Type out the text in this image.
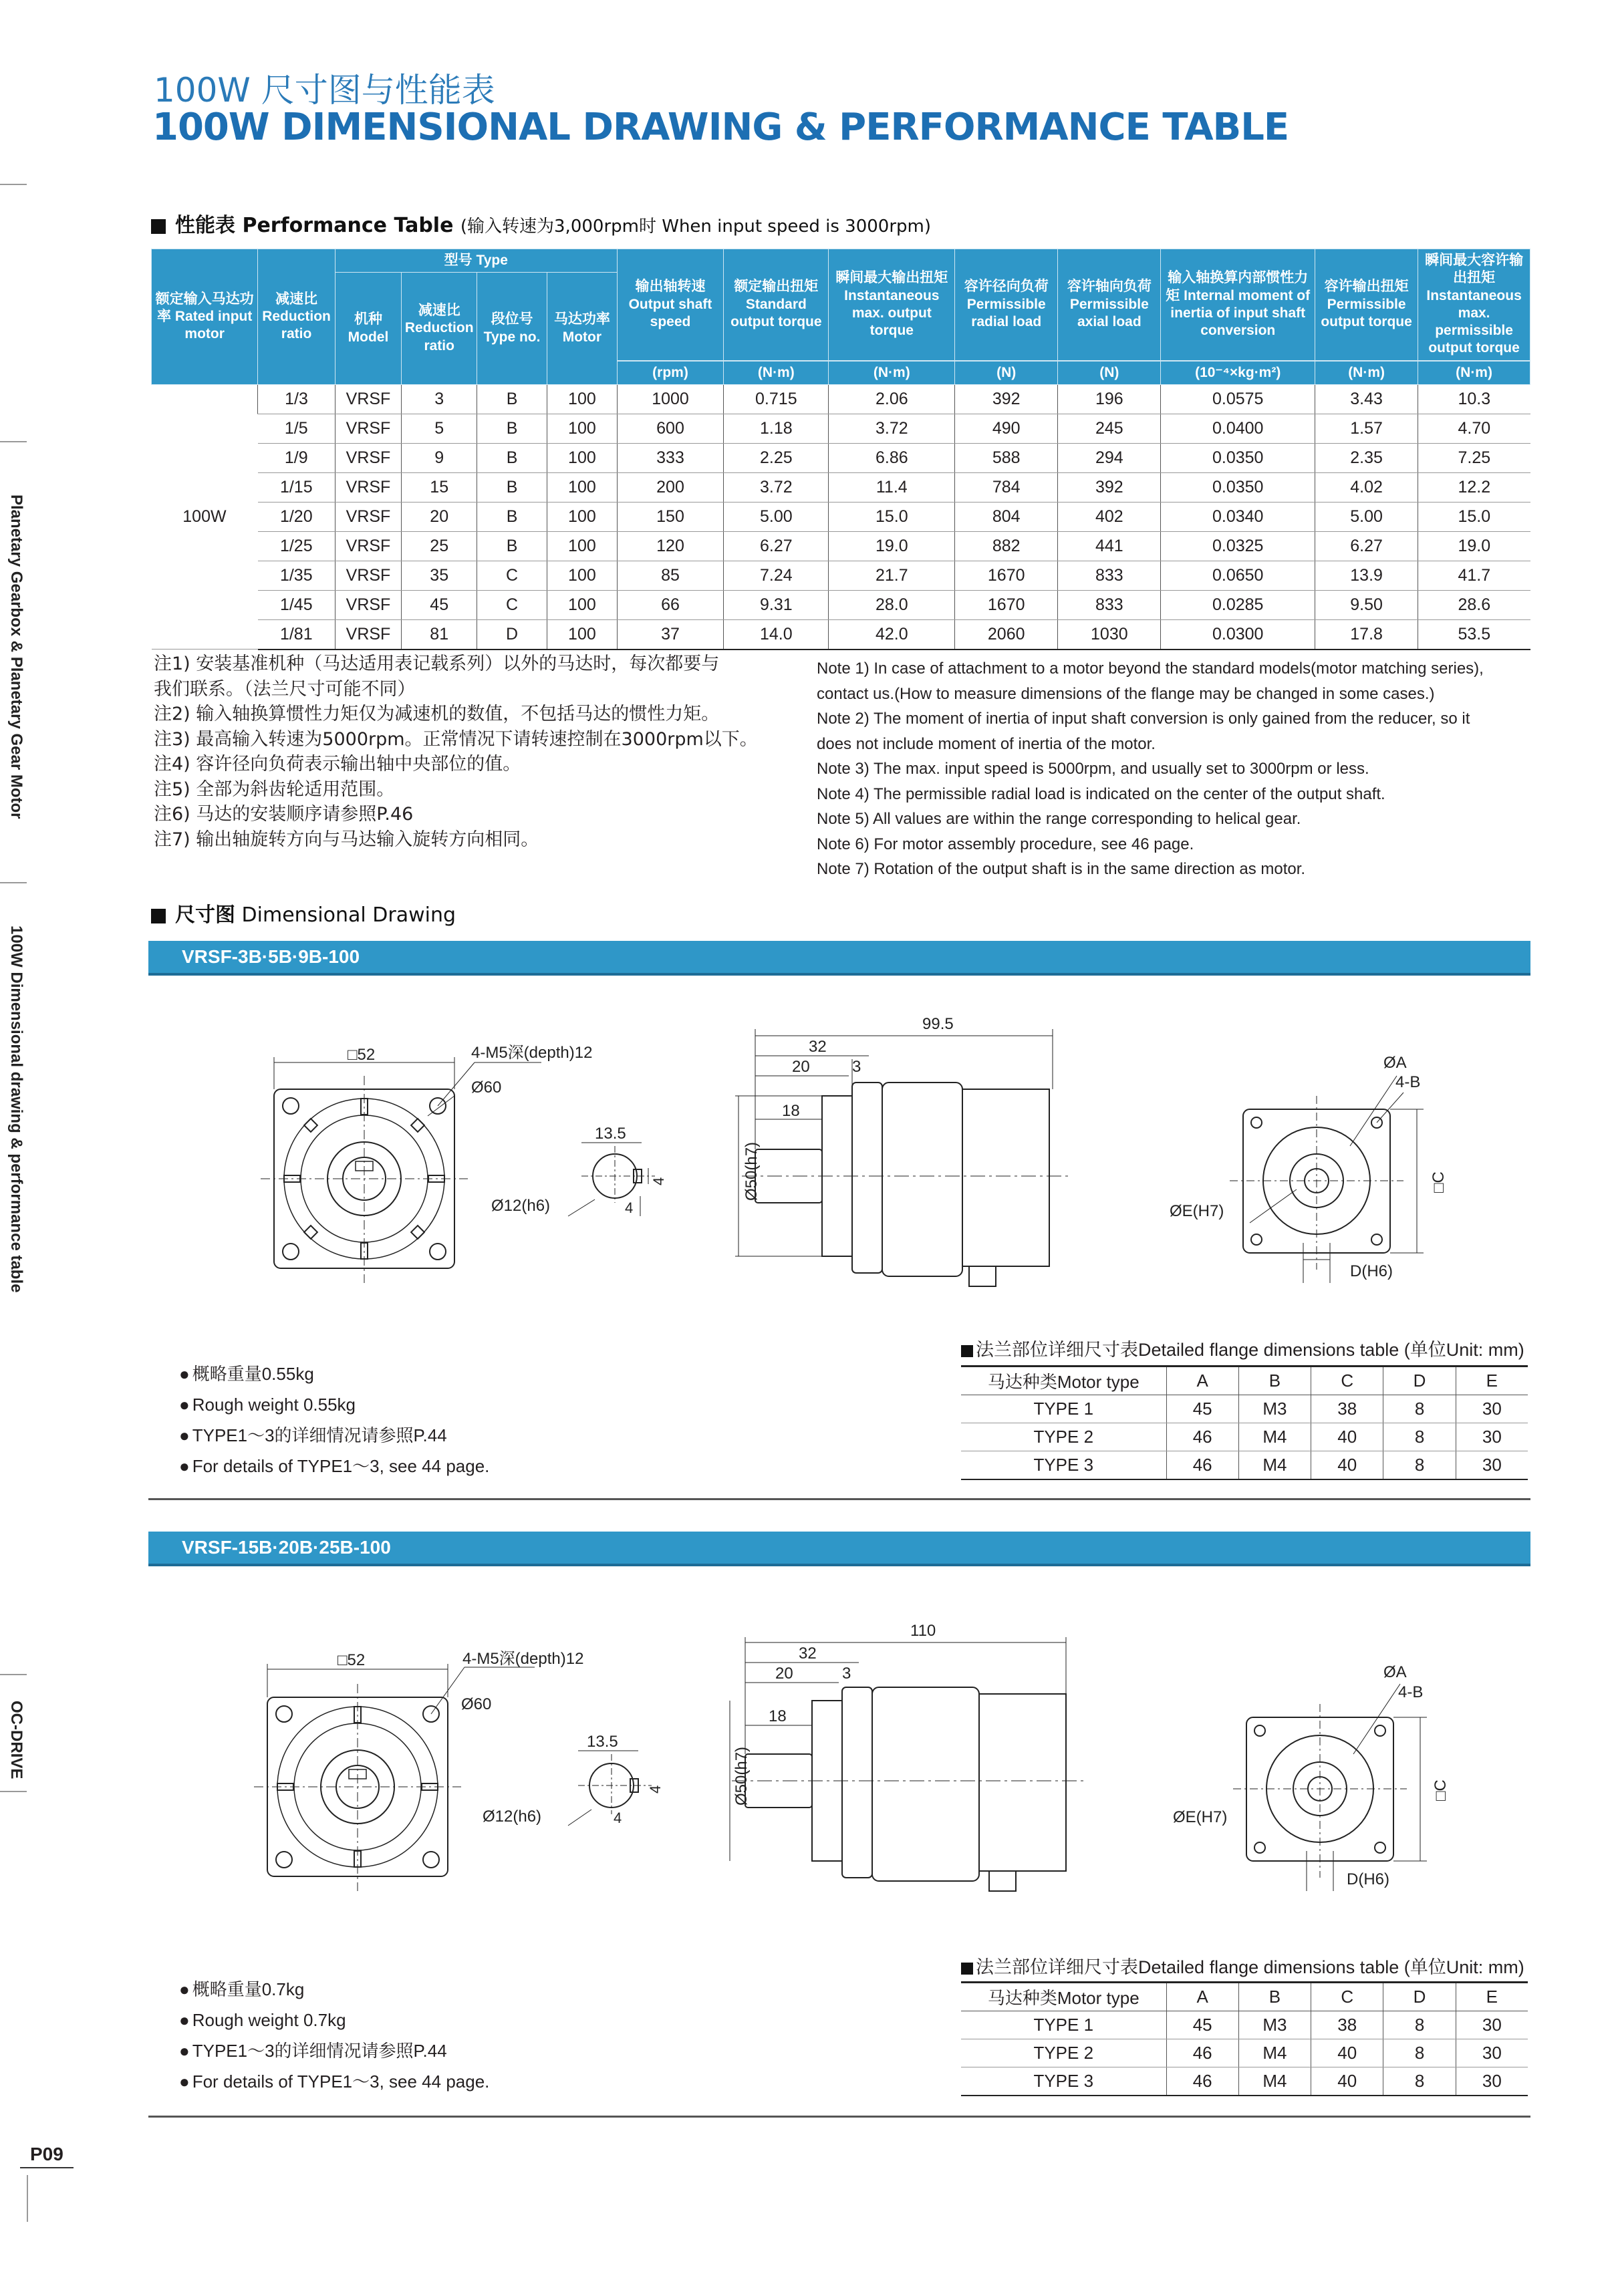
Planetary Gearbox & Planetary Gear Motor
100W Dimensional drawing & performance table
OC-DRIVE
100W 尺寸图与性能表
100W DIMENSIONAL DRAWING & PERFORMANCE TABLE
性能表 Performance Table (输入转速为3,000rpm时 When input speed is 3000rpm)
额定输入马达功率 Rated input motor	减速比 Reduction ratio	型号 Type				输出轴转速 Output shaft speed	额定输出扭矩 Standard output torque	瞬间最大输出扭矩 Instantaneous max. output torque	容许径向负荷 Permissible radial load	容许轴向负荷 Permissible axial load	输入轴换算内部惯性力矩 Internal moment of inertia of input shaft conversion	容许输出扭矩 Permissible output torque	瞬间最大容许输出扭矩 Instantaneous max. permissible output torque
		机种 Model	减速比 Reduction ratio	段位号 Type no.	马达功率 Motor								
						(rpm)	(N·m)	(N·m)	(N)	(N)	(10⁻⁴×kg·m²)	(N·m)	(N·m)
100W	1/3	VRSF	3	B	100	1000	0.715	2.06	392	196	0.0575	3.43	10.3
	1/5	VRSF	5	B	100	600	1.18	3.72	490	245	0.0400	1.57	4.70
	1/9	VRSF	9	B	100	333	2.25	6.86	588	294	0.0350	2.35	7.25
	1/15	VRSF	15	B	100	200	3.72	11.4	784	392	0.0350	4.02	12.2
	1/20	VRSF	20	B	100	150	5.00	15.0	804	402	0.0340	5.00	15.0
	1/25	VRSF	25	B	100	120	6.27	19.0	882	441	0.0325	6.27	19.0
	1/35	VRSF	35	C	100	85	7.24	21.7	1670	833	0.0650	13.9	41.7
	1/45	VRSF	45	C	100	66	9.31	28.0	1670	833	0.0285	9.50	28.6
	1/81	VRSF	81	D	100	37	14.0	42.0	2060	1030	0.0300	17.8	53.5
注1) 安装基准机种（马达适用表记载系列）以外的马达时，每次都要与
我们联系。（法兰尺寸可能不同）
注2) 输入轴换算惯性力矩仅为减速机的数值，不包括马达的惯性力矩。
注3) 最高输入转速为5000rpm。正常情况下请转速控制在3000rpm以下。
注4) 容许径向负荷表示输出轴中央部位的值。
注5) 全部为斜齿轮适用范围。
注6) 马达的安装顺序请参照P.46
注7) 输出轴旋转方向与马达输入旋转方向相同。
Note 1) In case of attachment to a motor beyond the standard models(motor matching series),
contact us.(How to measure dimensions of the flange may be changed in some cases.)
Note 2) The moment of inertia of input shaft conversion is only gained from the reducer, so it
does not include moment of inertia of the motor.
Note 3) The max. input speed is 5000rpm, and usually set to 3000rpm or less.
Note 4) The permissible radial load is indicated on the center of the output shaft.
Note 5) All values are within the range corresponding to helical gear.
Note 6) For motor assembly procedure, see 46 page.
Note 7) Rotation of the output shaft is in the same direction as motor.
尺寸图 Dimensional Drawing
VRSF-3B·5B·9B-100
□52	4-M5深(depth)12
Ø60
13.5
4
4
Ø12(h6)
99.5
32
20	3
18
Ø50(h7)
ØA
4-B
ØE(H7)
D(H6)
□C
● 概略重量0.55kg
● Rough weight 0.55kg
● TYPE1～3的详细情况请参照P.44
● For details of TYPE1～3, see 44 page.
法兰部位详细尺寸表Detailed flange dimensions table (单位Unit: mm)
马达种类Motor type	A	B	C	D	E
TYPE 1	45	M3	38	8	30
TYPE 2	46	M4	40	8	30
TYPE 3	46	M4	40	8	30
VRSF-15B·20B·25B-100
□52	4-M5深(depth)12
Ø60
13.5
4
4
Ø12(h6)
110
32
20	3
18
Ø50(h7)
ØA
4-B
ØE(H7)
D(H6)
□C
● 概略重量0.7kg
● Rough weight 0.7kg
● TYPE1～3的详细情况请参照P.44
● For details of TYPE1～3, see 44 page.
法兰部位详细尺寸表Detailed flange dimensions table (单位Unit: mm)
马达种类Motor type	A	B	C	D	E
TYPE 1	45	M3	38	8	30
TYPE 2	46	M4	40	8	30
TYPE 3	46	M4	40	8	30
P09
